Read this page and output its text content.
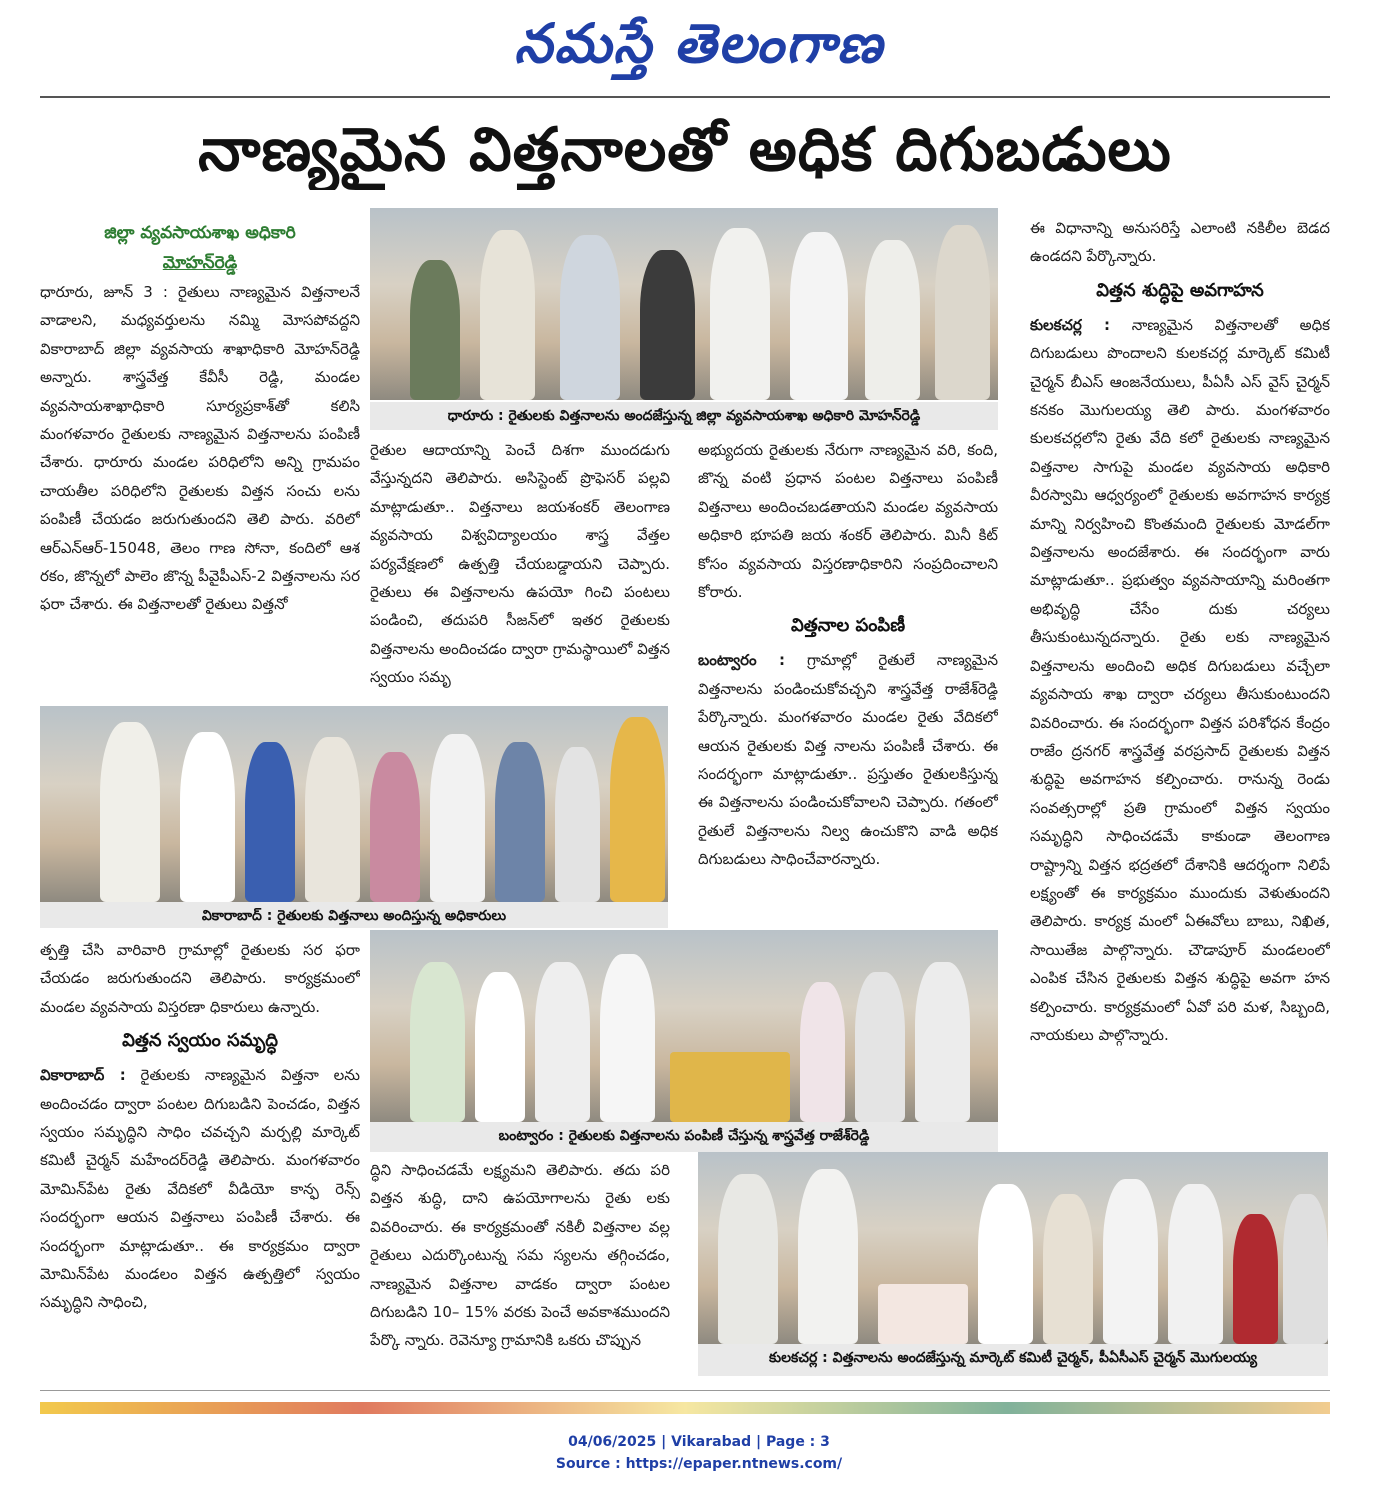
నమస్తే తెలంగాణ
నాణ్యమైన విత్తనాలతో అధిక దిగుబడులు
జిల్లా వ్యవసాయశాఖ అధికారి
మోహన్‌రెడ్డి

ధారూరు, జూన్ 3 : రైతులు నాణ్యమైన విత్తనాలనే వాడాలని, మధ్యవర్తులను నమ్మి మోసపోవద్దని వికారాబాద్ జిల్లా వ్యవసాయ శాఖాధికారి మోహన్‌రెడ్డి అన్నారు. శాస్త్రవేత్త కేవీసీ రెడ్డి, మండల వ్యవసాయశాఖాధికారి సూర్యప్రకాశ్‌తో కలిసి మంగళవారం రైతులకు నాణ్యమైన విత్తనాలను పంపిణీ చేశారు. ధారూరు మండల పరిధిలోని అన్ని గ్రామపం చాయతీల పరిధిలోని రైతులకు విత్తన సంచు లను పంపిణీ చేయడం జరుగుతుందని తెలి పారు. వరిలో ఆర్ఎన్ఆర్-15048, తెలం గాణ సోనా, కందిలో ఆశ రకం, జొన్నలో పాలెం జొన్న పీవైపీఎస్-2 విత్తనాలను సర ఫరా చేశారు. ఈ విత్తనాలతో రైతులు విత్తనో

ధారూరు : రైతులకు విత్తనాలను అందజేస్తున్న జిల్లా వ్యవసాయశాఖ అధికారి మోహన్‌రెడ్డి

రైతుల ఆదాయాన్ని పెంచే దిశగా ముందడుగు వేస్తున్నదని తెలిపారు. అసిస్టెంట్ ప్రొఫెసర్ పల్లవి మాట్లాడుతూ.. విత్తనాలు జయశంకర్ తెలంగాణ వ్యవసాయ విశ్వవిద్యాలయం శాస్త్ర వేత్తల పర్యవేక్షణలో ఉత్పత్తి చేయబడ్డాయని చెప్పారు. రైతులు ఈ విత్తనాలను ఉపయో గించి పంటలు పండించి, తదుపరి సీజన్‌లో ఇతర రైతులకు విత్తనాలను అందించడం ద్వారా గ్రామస్థాయిలో విత్తన స్వయం సమృ

అభ్యుదయ రైతులకు నేరుగా నాణ్యమైన వరి, కంది, జొన్న వంటి ప్రధాన పంటల విత్తనాలు పంపిణీ విత్తనాలు అందించబడతాయని మండల వ్యవసాయ అధికారి భూపతి జయ శంకర్ తెలిపారు. మినీ కిట్ కోసం వ్యవసాయ విస్తరణాధికారిని సంప్రదించాలని కోరారు.

విత్తనాల పంపిణీ

బంట్వారం : గ్రామాల్లో రైతులే నాణ్యమైన విత్తనాలను పండించుకోవచ్చని శాస్త్రవేత్త రాజేశ్‌రెడ్డి పేర్కొన్నారు. మంగళవారం మండల రైతు వేదికలో ఆయన రైతులకు విత్త నాలను పంపిణీ చేశారు. ఈ సందర్భంగా మాట్లాడుతూ.. ప్రస్తుతం రైతులకిస్తున్న ఈ విత్తనాలను పండించుకోవాలని చెప్పారు. గతంలో రైతులే విత్తనాలను నిల్వ ఉంచుకొని వాడి అధిక దిగుబడులు సాధించేవారన్నారు.

ఈ విధానాన్ని అనుసరిస్తే ఎలాంటి నకిలీల బెడద ఉండదని పేర్కొన్నారు.

విత్తన శుద్ధిపై అవగాహన

కులకచర్ల : నాణ్యమైన విత్తనాలతో అధిక దిగుబడులు పొందాలని కులకచర్ల మార్కెట్ కమిటీ చైర్మన్ బీఎస్ ఆంజనేయులు, పీఏసీ ఎస్ వైస్ చైర్మన్ కనకం మొగులయ్య తెలి పారు. మంగళవారం కులకచర్లలోని రైతు వేది కలో రైతులకు నాణ్యమైన విత్తనాల సాగుపై మండల వ్యవసాయ అధికారి వీరస్వామి ఆధ్వర్యంలో రైతులకు అవగాహన కార్యక్ర మాన్ని నిర్వహించి కొంతమంది రైతులకు మోడల్‌గా విత్తనాలను అందజేశారు. ఈ సందర్భంగా వారు మాట్లాడుతూ.. ప్రభుత్వం వ్యవసాయాన్ని మరింతగా అభివృద్ధి చేసేం దుకు చర్యలు తీసుకుంటున్నదన్నారు. రైతు లకు నాణ్యమైన విత్తనాలను అందించి అధిక దిగుబడులు వచ్చేలా వ్యవసాయ శాఖ ద్వారా చర్యలు తీసుకుంటుందని వివరించారు. ఈ సందర్భంగా విత్తన పరిశోధన కేంద్రం రాజేం ద్రనగర్ శాస్త్రవేత్త వరప్రసాద్ రైతులకు విత్తన శుద్ధిపై అవగాహన కల్పించారు. రానున్న రెండు సంవత్సరాల్లో ప్రతి గ్రామంలో విత్తన స్వయం సమృద్ధిని సాధించడమే కాకుండా తెలంగాణ రాష్ట్రాన్ని విత్తన భద్రతలో దేశానికి ఆదర్శంగా నిలిపే లక్ష్యంతో ఈ కార్యక్రమం ముందుకు వెళుతుందని తెలిపారు. కార్యక్ర మంలో ఏఈవోలు బాబు, నిఖిత, సాయితేజ పాల్గొన్నారు. చౌడాపూర్ మండలంలో ఎంపిక చేసిన రైతులకు విత్తన శుద్ధిపై అవగా హన కల్పించారు. కార్యక్రమంలో ఏవో పరి మళ, సిబ్బంది, నాయకులు పాల్గొన్నారు.

వికారాబాద్ : రైతులకు విత్తనాలు అందిస్తున్న అధికారులు

త్పత్తి చేసి వారివారి గ్రామాల్లో రైతులకు సర ఫరా చేయడం జరుగుతుందని తెలిపారు. కార్యక్రమంలో మండల వ్యవసాయ విస్తరణా ధికారులు ఉన్నారు.

విత్తన స్వయం సమృద్ధి

వికారాబాద్ : రైతులకు నాణ్యమైన విత్తనా లను అందించడం ద్వారా పంటల దిగుబడిని పెంచడం, విత్తన స్వయం సమృద్ధిని సాధిం చవచ్చని మర్పల్లి మార్కెట్ కమిటీ చైర్మన్ మహేందర్‌రెడ్డి తెలిపారు. మంగళవారం మోమిన్‌పేట రైతు వేదికలో వీడియో కాన్ఫ రెన్స్ సందర్భంగా ఆయన విత్తనాలు పంపిణీ చేశారు. ఈ సందర్భంగా మాట్లాడుతూ.. ఈ కార్యక్రమం ద్వారా మోమిన్‌పేట మండలం విత్తన ఉత్పత్తిలో స్వయం సమృద్ధిని సాధించి,

బంట్వారం : రైతులకు విత్తనాలను పంపిణీ చేస్తున్న శాస్త్రవేత్త రాజేశ్‌రెడ్డి

ద్ధిని సాధించడమే లక్ష్యమని తెలిపారు. తదు పరి విత్తన శుద్ధి, దాని ఉపయోగాలను రైతు లకు వివరించారు. ఈ కార్యక్రమంతో నకిలీ విత్తనాల వల్ల రైతులు ఎదుర్కొంటున్న సమ స్యలను తగ్గించడం, నాణ్యమైన విత్తనాల వాడకం ద్వారా పంటల దిగుబడిని 10– 15% వరకు పెంచే అవకాశముందని పేర్కొ న్నారు. రెవెన్యూ గ్రామానికి ఒకరు చొప్పున

కులకచర్ల : విత్తనాలను అందజేస్తున్న మార్కెట్ కమిటీ చైర్మన్, పీఏసీఎస్ చైర్మన్ మొగులయ్య
04/06/2025 | Vikarabad | Page : 3
Source : https://epaper.ntnews.com/
